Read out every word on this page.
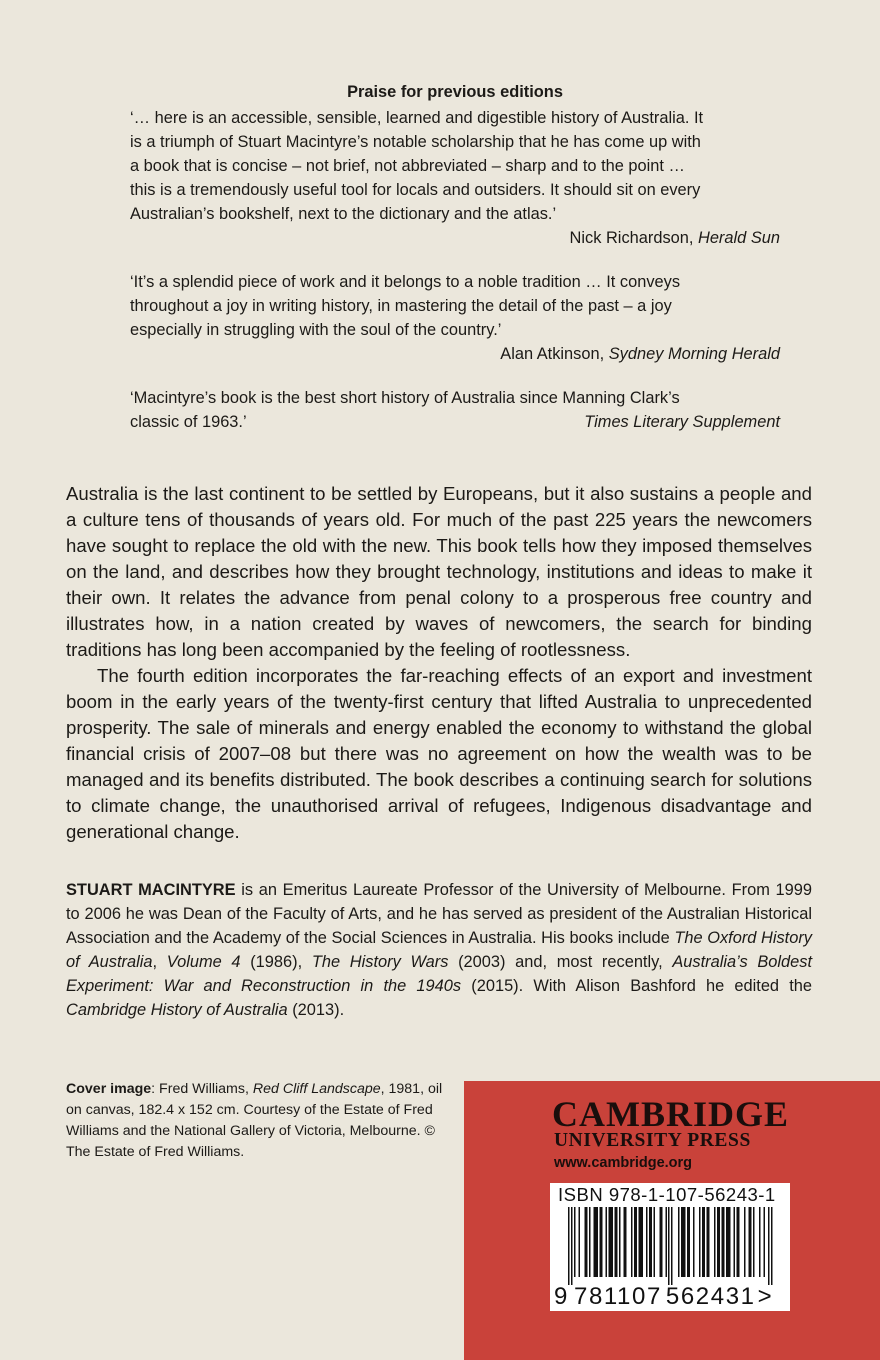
Praise for previous editions

‘… here is an accessible, sensible, learned and digestible history of Australia. It

is a triumph of Stuart Macintyre’s notable scholarship that he has come up with

a book that is concise – not brief, not abbreviated – sharp and to the point …

this is a tremendously useful tool for locals and outsiders. It should sit on every

Australian’s bookshelf, next to the dictionary and the atlas.’

Nick Richardson, Herald Sun

‘It’s a splendid piece of work and it belongs to a noble tradition … It conveys

throughout a joy in writing history, in mastering the detail of the past – a joy

especially in struggling with the soul of the country.’

Alan Atkinson, Sydney Morning Herald

‘Macintyre’s book is the best short history of Australia since Manning Clark’s

classic of 1963.’	Times Literary Supplement

Australia is the last continent to be settled by Europeans, but it also sustains a people and a culture tens of thousands of years old. For much of the past 225 years the newcomers have sought to replace the old with the new. This book tells how they imposed themselves on the land, and describes how they brought technology, institutions and ideas to make it their own. It relates the advance from penal colony to a prosperous free country and illustrates how, in a nation created by waves of newcomers, the search for binding traditions has long been accompanied by the feeling of rootlessness.

The fourth edition incorporates the far-reaching effects of an export and investment boom in the early years of the twenty-first century that lifted Australia to unprecedented prosperity. The sale of minerals and energy enabled the economy to withstand the global financial crisis of 2007–08 but there was no agreement on how the wealth was to be managed and its benefits distributed. The book describes a continuing search for solutions to climate change, the unauthorised arrival of refugees, Indigenous disadvantage and generational change.

STUART MACINTYRE is an Emeritus Laureate Professor of the University of Melbourne. From 1999 to 2006 he was Dean of the Faculty of Arts, and he has served as president of the Australian Historical Association and the Academy of the Social Sciences in Australia. His books include The Oxford History of Australia, Volume 4 (1986), The History Wars (2003) and, most recently, Australia’s Boldest Experiment: War and Reconstruction in the 1940s (2015). With Alison Bashford he edited the Cambridge History of Australia (2013).

Cover image: Fred Williams, Red Cliff Landscape, 1981, oil on canvas, 182.4 x 152 cm. Courtesy of the Estate of Fred Williams and the National Gallery of Victoria, Melbourne. © The Estate of Fred Williams.

CAMBRIDGE
UNIVERSITY PRESS
www.cambridge.org
ISBN 978-1-107-56243-1
9 781107 562431>
